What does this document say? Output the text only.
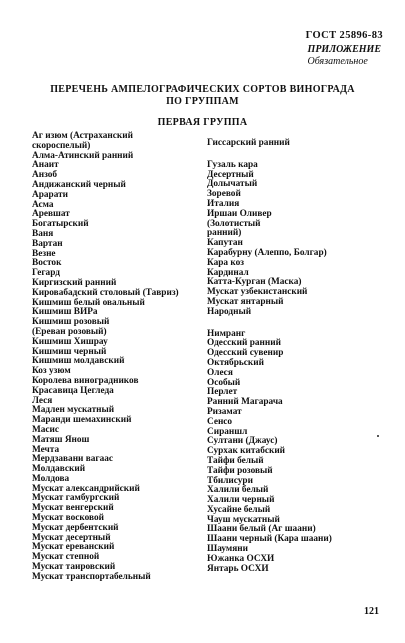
ГОСТ 25896-83
ПРИЛОЖЕНИЕ
Обязательное
ПЕРЕЧЕНЬ АМПЕЛОГРАФИЧЕСКИХ СОРТОВ ВИНОГРАДА
ПО ГРУППАМ
ПЕРВАЯ ГРУППА
Аг изюм (Астраханский
скороспелый)
Алма-Атинский ранний
Анаит
Анзоб
Андижанский черный
Арарати
Асма
Аревшат
Богатырский
Ваня
Вартан
Везне
Восток
Гегард
Киргизский ранний
Кировабадский столовый (Тавриз)
Кишмиш белый овальный
Кишмиш ВИРа
Кишмиш розовый
(Ереван розовый)
Кишмиш Хишрау
Кишмиш черный
Кишмиш молдавский
Коз узюм
Королева виноградников
Красавица Цегледа
Леся
Мадлен мускатный
Маранди шемахинский
Масис
Матяш Янош
Мечта
Мердзавани вагаас
Молдавский
Молдова
Мускат александрийский
Мускат гамбургский
Мускат венгерский
Мускат восковой
Мускат дербентский
Мускат десертный
Мускат ереванский
Мускат степной
Мускат таировский
Мускат транспортабельный
Гиссарский ранний
Гузаль кара
Десертный
Долычатый
Зоревой
Италия
Иршаи Оливер
(Золотистый
ранний)
Капутан
Карабурну (Алеппо, Болгар)
Кара коз
Кардинал
Катта-Курган (Маска)
Мускат узбекистанский
Мускат янтарный
Народный
Нимранг
Одесский ранний
Одесский сувенир
Октябрьский
Олеся
Особый
Перлет
Ранний Магарача
Ризамат
Сенсо
Сираншл
Султани (Джаус)
Сурхак китабский
Тайфи белый
Тайфи розовый
Тбилисури
Халили белый
Халили черный
Хусайне белый
Чауш мускатный
Шаани белый (Аг шаани)
Шаани черный (Кара шаани)
Шаумяни
Южанка ОСХИ
Янтарь ОСХИ
121
